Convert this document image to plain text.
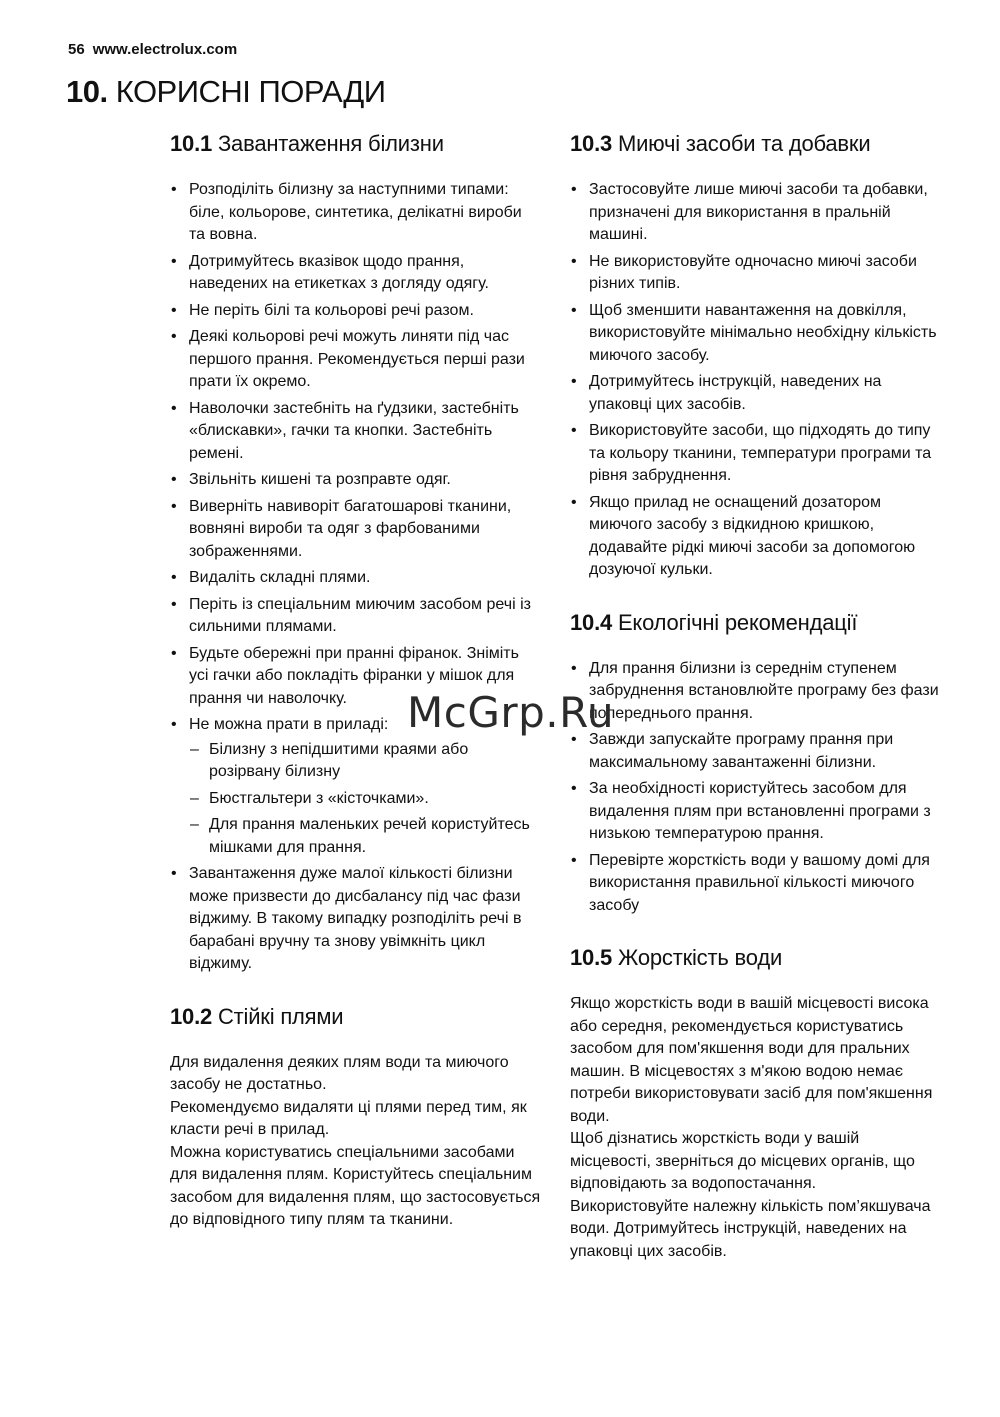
56 www.electrolux.com
10. КОРИСНІ ПОРАДИ
10.1 Завантаження білизни
• Розподіліть білизну за наступними типами: біле, кольорове, синтетика, делікатні вироби та вовна.
• Дотримуйтесь вказівок щодо прання, наведених на етикетках з догляду одягу.
• Не періть білі та кольорові речі разом.
• Деякі кольорові речі можуть линяти під час першого прання. Рекомендується перші рази прати їх окремо.
• Наволочки застебніть на ґудзики, застебніть «блискавки», гачки та кнопки. Застебніть ремені.
• Звільніть кишені та розправте одяг.
• Виверніть навиворіт багатошарові тканини, вовняні вироби та одяг з фарбованими зображеннями.
• Видаліть складні плями.
• Періть із спеціальним миючим засобом речі із сильними плямами.
• Будьте обережні при пранні фіранок. Зніміть усі гачки або покладіть фіранки у мішок для прання чи наволочку.
• Не можна прати в приладі:
– Білизну з непідшитими краями або розірвану білизну
– Бюстгальтери з «кісточками».
– Для прання маленьких речей користуйтесь мішками для прання.
• Завантаження дуже малої кількості білизни може призвести до дисбалансу під час фази віджиму. В такому випадку розподіліть речі в барабані вручну та знову увімкніть цикл віджиму.
10.2 Стійкі плями

Для видалення деяких плям води та миючого засобу не достатньо.

Рекомендуємо видаляти ці плями перед тим, як класти речі в прилад.

Можна користуватись спеціальними засобами для видалення плям. Користуйтесь спеціальним засобом для видалення плям, що застосовується до відповідного типу плям та тканини.

10.3 Миючі засоби та добавки
• Застосовуйте лише миючі засоби та добавки, призначені для використання в пральній машині.
• Не використовуйте одночасно миючі засоби різних типів.
• Щоб зменшити навантаження на довкілля, використовуйте мінімально необхідну кількість миючого засобу.
• Дотримуйтесь інструкцій, наведених на упаковці цих засобів.
• Використовуйте засоби, що підходять до типу та кольору тканини, температури програми та рівня забруднення.
• Якщо прилад не оснащений дозатором миючого засобу з відкидною кришкою, додавайте рідкі миючі засоби за допомогою дозуючої кульки.
10.4 Екологічні рекомендації
• Для прання білизни із середнім ступенем забруднення встановлюйте програму без фази попереднього прання.
• Завжди запускайте програму прання при максимальному завантаженні білизни.
• За необхідності користуйтесь засобом для видалення плям при встановленні програми з низькою температурою прання.
• Перевірте жорсткість води у вашому домі для використання правильної кількості миючого засобу
10.5 Жорсткість води

Якщо жорсткість води в вашій місцевості висока або середня, рекомендується користуватись засобом для пом'якшення води для пральних машин. В місцевостях з м'якою водою немає потреби використовувати засіб для пом'якшення води.

Щоб дізнатись жорсткість води у вашій місцевості, зверніться до місцевих органів, що відповідають за водопостачання.

Використовуйте належну кількість пом’якшувача води. Дотримуйтесь інструкцій, наведених на упаковці цих засобів.

McGrp.Ru
